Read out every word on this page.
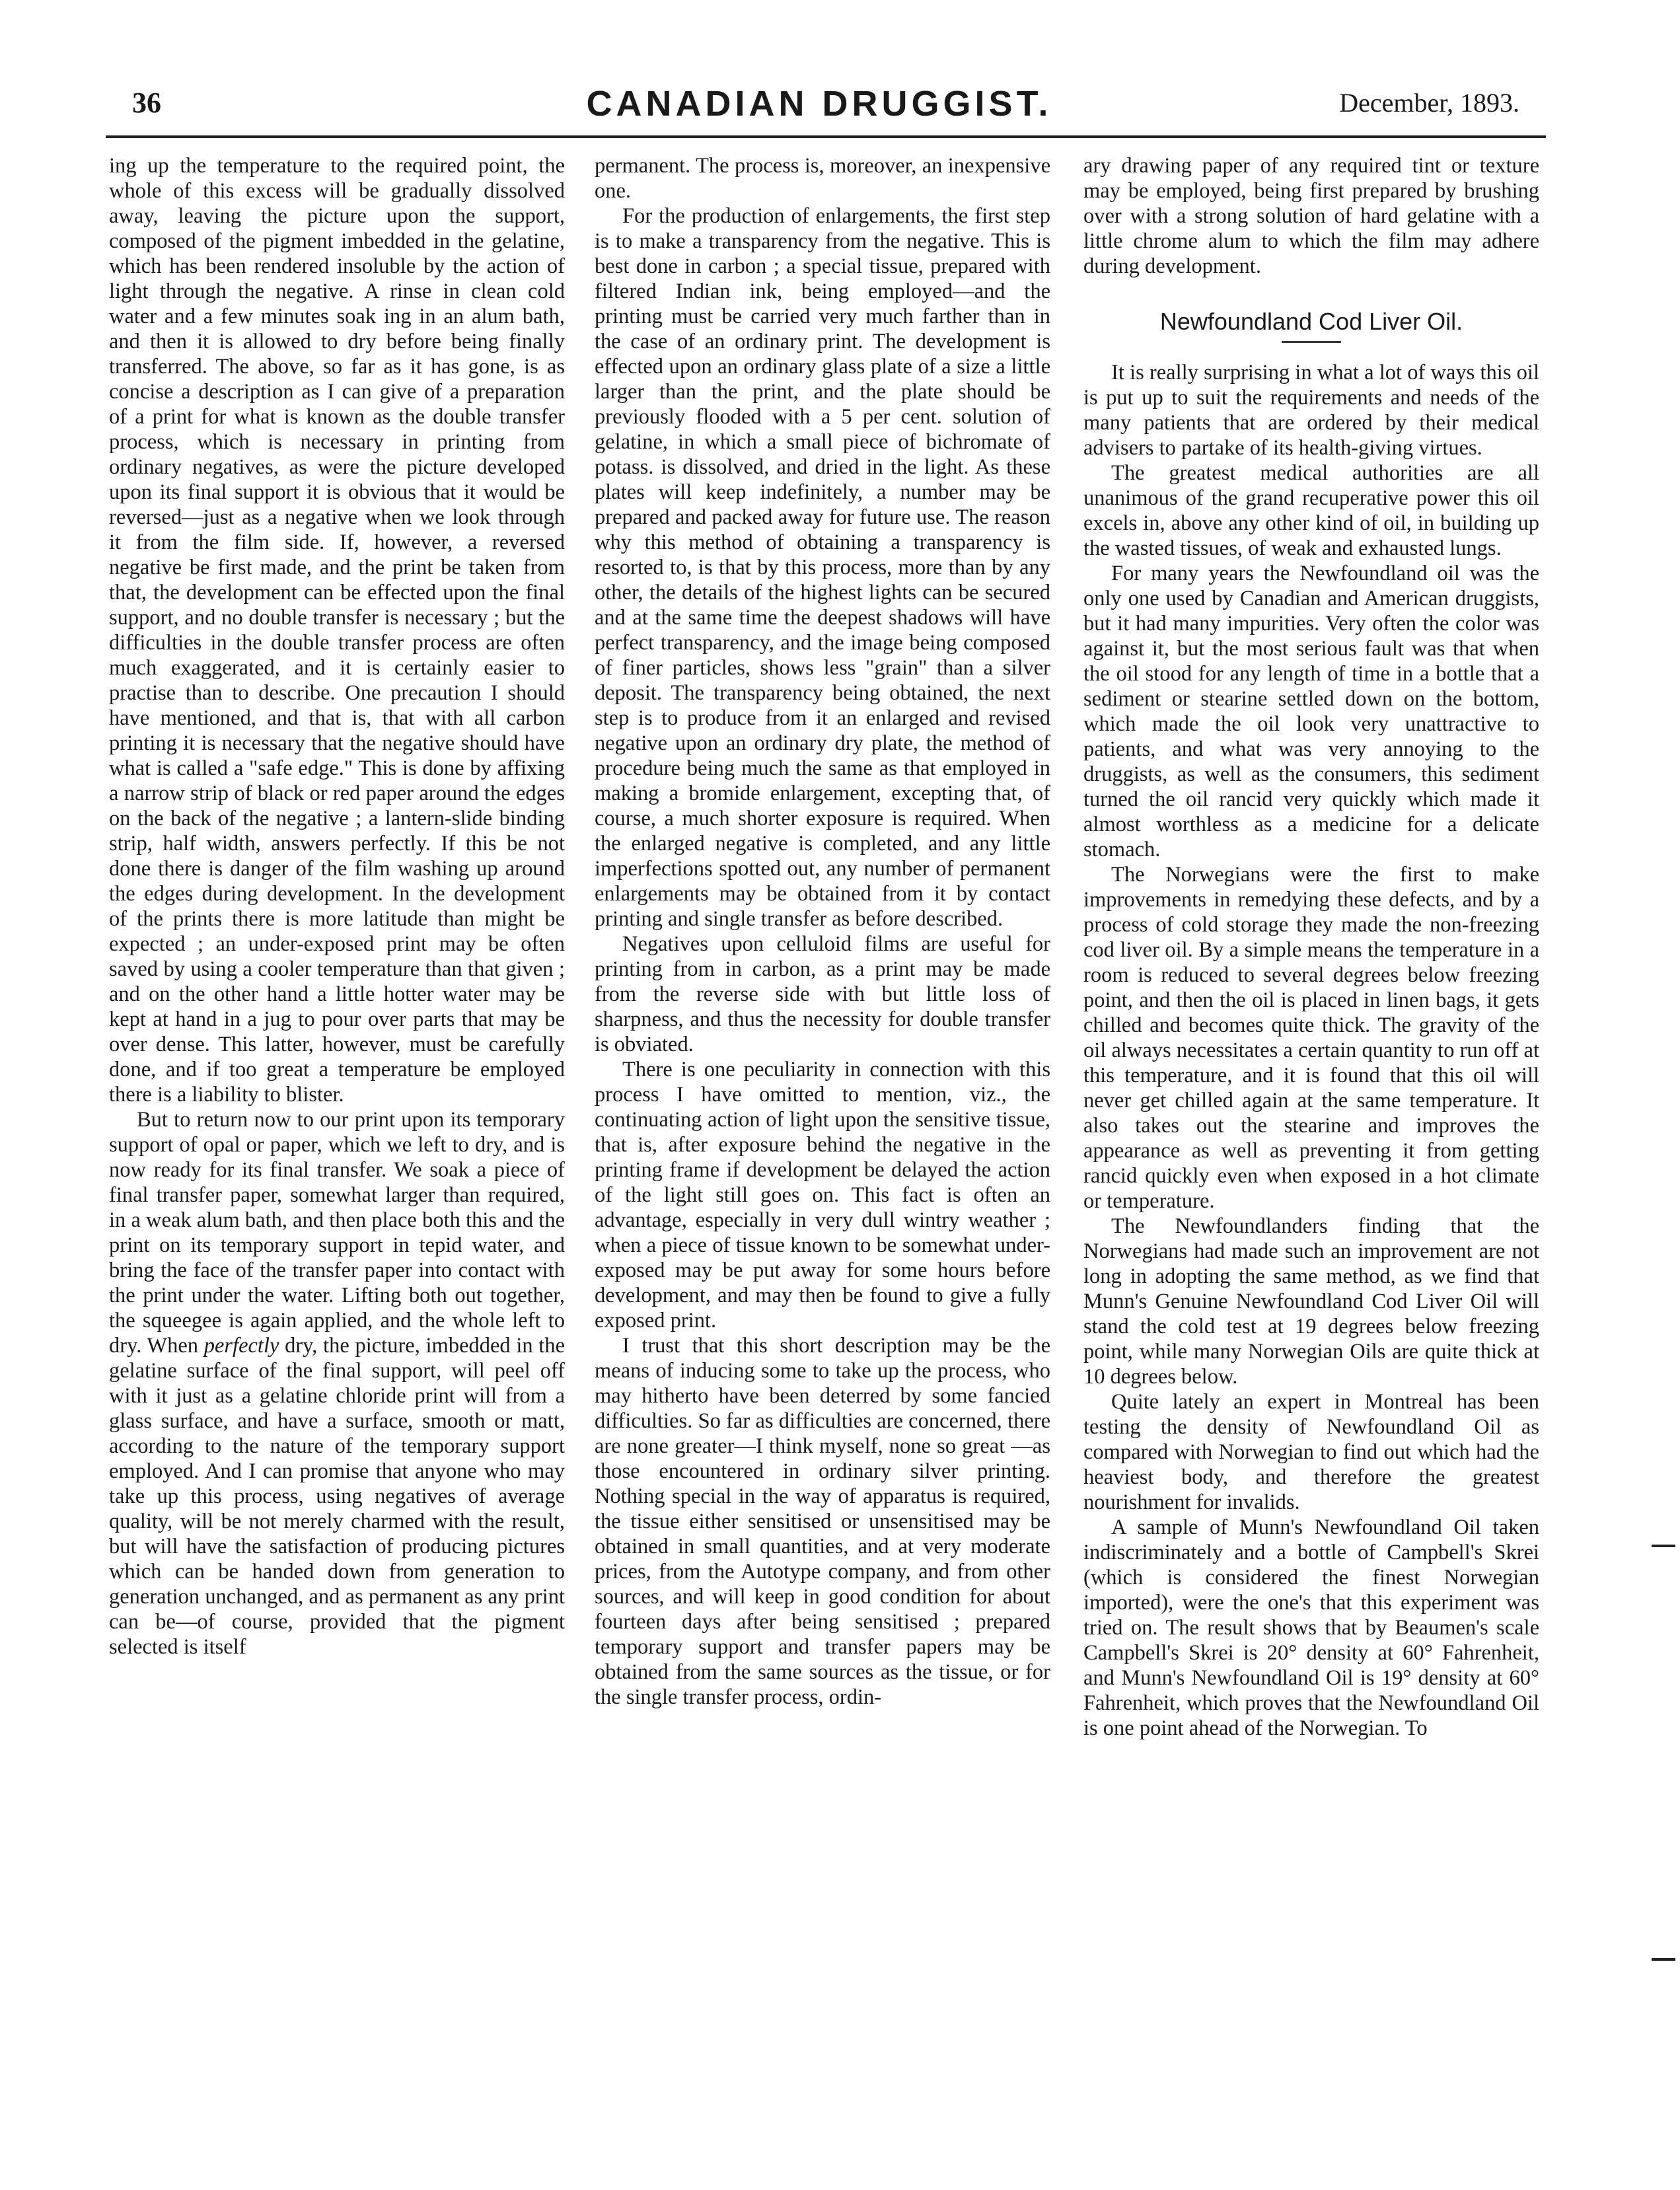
36	CANADIAN DRUGGIST.	December, 1893.

ing up the temperature to the required point, the whole of this excess will be gradually dissolved away, leaving the picture upon the support, composed of the pigment imbedded in the gelatine, which has been rendered insoluble by the action of light through the negative. A rinse in clean cold water and a few minutes soak ing in an alum bath, and then it is allowed to dry before being finally transferred. The above, so far as it has gone, is as concise a description as I can give of a preparation of a print for what is known as the double transfer process, which is necessary in printing from ordinary negatives, as were the picture developed upon its final support it is obvious that it would be reversed—just as a negative when we look through it from the film side. If, however, a reversed negative be first made, and the print be taken from that, the development can be effected upon the final support, and no double transfer is necessary ; but the difficulties in the double transfer process are often much exaggerated, and it is certainly easier to practise than to describe. One precaution I should have mentioned, and that is, that with all carbon printing it is necessary that the negative should have what is called a "safe edge." This is done by affixing a narrow strip of black or red paper around the edges on the back of the negative ; a lantern-slide binding strip, half width, answers perfectly. If this be not done there is danger of the film washing up around the edges during development. In the development of the prints there is more latitude than might be expected ; an under-exposed print may be often saved by using a cooler temperature than that given ; and on the other hand a little hotter water may be kept at hand in a jug to pour over parts that may be over dense. This latter, however, must be carefully done, and if too great a temperature be employed there is a liability to blister.

But to return now to our print upon its temporary support of opal or paper, which we left to dry, and is now ready for its final transfer. We soak a piece of final transfer paper, somewhat larger than required, in a weak alum bath, and then place both this and the print on its temporary support in tepid water, and bring the face of the transfer paper into contact with the print under the water. Lifting both out together, the squeegee is again applied, and the whole left to dry. When perfectly dry, the picture, imbedded in the gelatine surface of the final support, will peel off with it just as a gelatine chloride print will from a glass surface, and have a surface, smooth or matt, according to the nature of the temporary support employed. And I can promise that anyone who may take up this process, using negatives of average quality, will be not merely charmed with the result, but will have the satisfaction of producing pictures which can be handed down from generation to generation unchanged, and as permanent as any print can be—of course, provided that the pigment selected is itself

permanent. The process is, moreover, an inexpensive one.

For the production of enlargements, the first step is to make a transparency from the negative. This is best done in carbon ; a special tissue, prepared with filtered Indian ink, being employed—and the printing must be carried very much farther than in the case of an ordinary print. The development is effected upon an ordinary glass plate of a size a little larger than the print, and the plate should be previously flooded with a 5 per cent. solution of gelatine, in which a small piece of bichromate of potass. is dissolved, and dried in the light. As these plates will keep indefinitely, a number may be prepared and packed away for future use. The reason why this method of obtaining a transparency is resorted to, is that by this process, more than by any other, the details of the highest lights can be secured and at the same time the deepest shadows will have perfect transparency, and the image being composed of finer particles, shows less "grain" than a silver deposit. The transparency being obtained, the next step is to produce from it an enlarged and revised negative upon an ordinary dry plate, the method of procedure being much the same as that employed in making a bromide enlargement, excepting that, of course, a much shorter exposure is required. When the enlarged negative is completed, and any little imperfections spotted out, any number of permanent enlargements may be obtained from it by contact printing and single transfer as before described.

Negatives upon celluloid films are useful for printing from in carbon, as a print may be made from the reverse side with but little loss of sharpness, and thus the necessity for double transfer is obviated.

There is one peculiarity in connection with this process I have omitted to mention, viz., the continuating action of light upon the sensitive tissue, that is, after exposure behind the negative in the printing frame if development be delayed the action of the light still goes on. This fact is often an advantage, especially in very dull wintry weather ; when a piece of tissue known to be somewhat under-exposed may be put away for some hours before development, and may then be found to give a fully exposed print.

I trust that this short description may be the means of inducing some to take up the process, who may hitherto have been deterred by some fancied difficulties. So far as difficulties are concerned, there are none greater—I think myself, none so great —as those encountered in ordinary silver printing. Nothing special in the way of apparatus is required, the tissue either sensitised or unsensitised may be obtained in small quantities, and at very moderate prices, from the Autotype company, and from other sources, and will keep in good condition for about fourteen days after being sensitised ; prepared temporary support and transfer papers may be obtained from the same sources as the tissue, or for the single transfer process, ordin-

ary drawing paper of any required tint or texture may be employed, being first prepared by brushing over with a strong solution of hard gelatine with a little chrome alum to which the film may adhere during development.

Newfoundland Cod Liver Oil.

It is really surprising in what a lot of ways this oil is put up to suit the requirements and needs of the many patients that are ordered by their medical advisers to partake of its health-giving virtues.

The greatest medical authorities are all unanimous of the grand recuperative power this oil excels in, above any other kind of oil, in building up the wasted tissues, of weak and exhausted lungs.

For many years the Newfoundland oil was the only one used by Canadian and American druggists, but it had many impurities. Very often the color was against it, but the most serious fault was that when the oil stood for any length of time in a bottle that a sediment or stearine settled down on the bottom, which made the oil look very unattractive to patients, and what was very annoying to the druggists, as well as the consumers, this sediment turned the oil rancid very quickly which made it almost worthless as a medicine for a delicate stomach.

The Norwegians were the first to make improvements in remedying these defects, and by a process of cold storage they made the non-freezing cod liver oil. By a simple means the temperature in a room is reduced to several degrees below freezing point, and then the oil is placed in linen bags, it gets chilled and becomes quite thick. The gravity of the oil always necessitates a certain quantity to run off at this temperature, and it is found that this oil will never get chilled again at the same temperature. It also takes out the stearine and improves the appearance as well as preventing it from getting rancid quickly even when exposed in a hot climate or temperature.

The Newfoundlanders finding that the Norwegians had made such an improvement are not long in adopting the same method, as we find that Munn's Genuine Newfoundland Cod Liver Oil will stand the cold test at 19 degrees below freezing point, while many Norwegian Oils are quite thick at 10 degrees below.

Quite lately an expert in Montreal has been testing the density of Newfoundland Oil as compared with Norwegian to find out which had the heaviest body, and therefore the greatest nourishment for invalids.

A sample of Munn's Newfoundland Oil taken indiscriminately and a bottle of Campbell's Skrei (which is considered the finest Norwegian imported), were the one's that this experiment was tried on. The result shows that by Beaumen's scale Campbell's Skrei is 20° density at 60° Fahrenheit, and Munn's Newfoundland Oil is 19° density at 60° Fahrenheit, which proves that the Newfoundland Oil is one point ahead of the Norwegian. To
